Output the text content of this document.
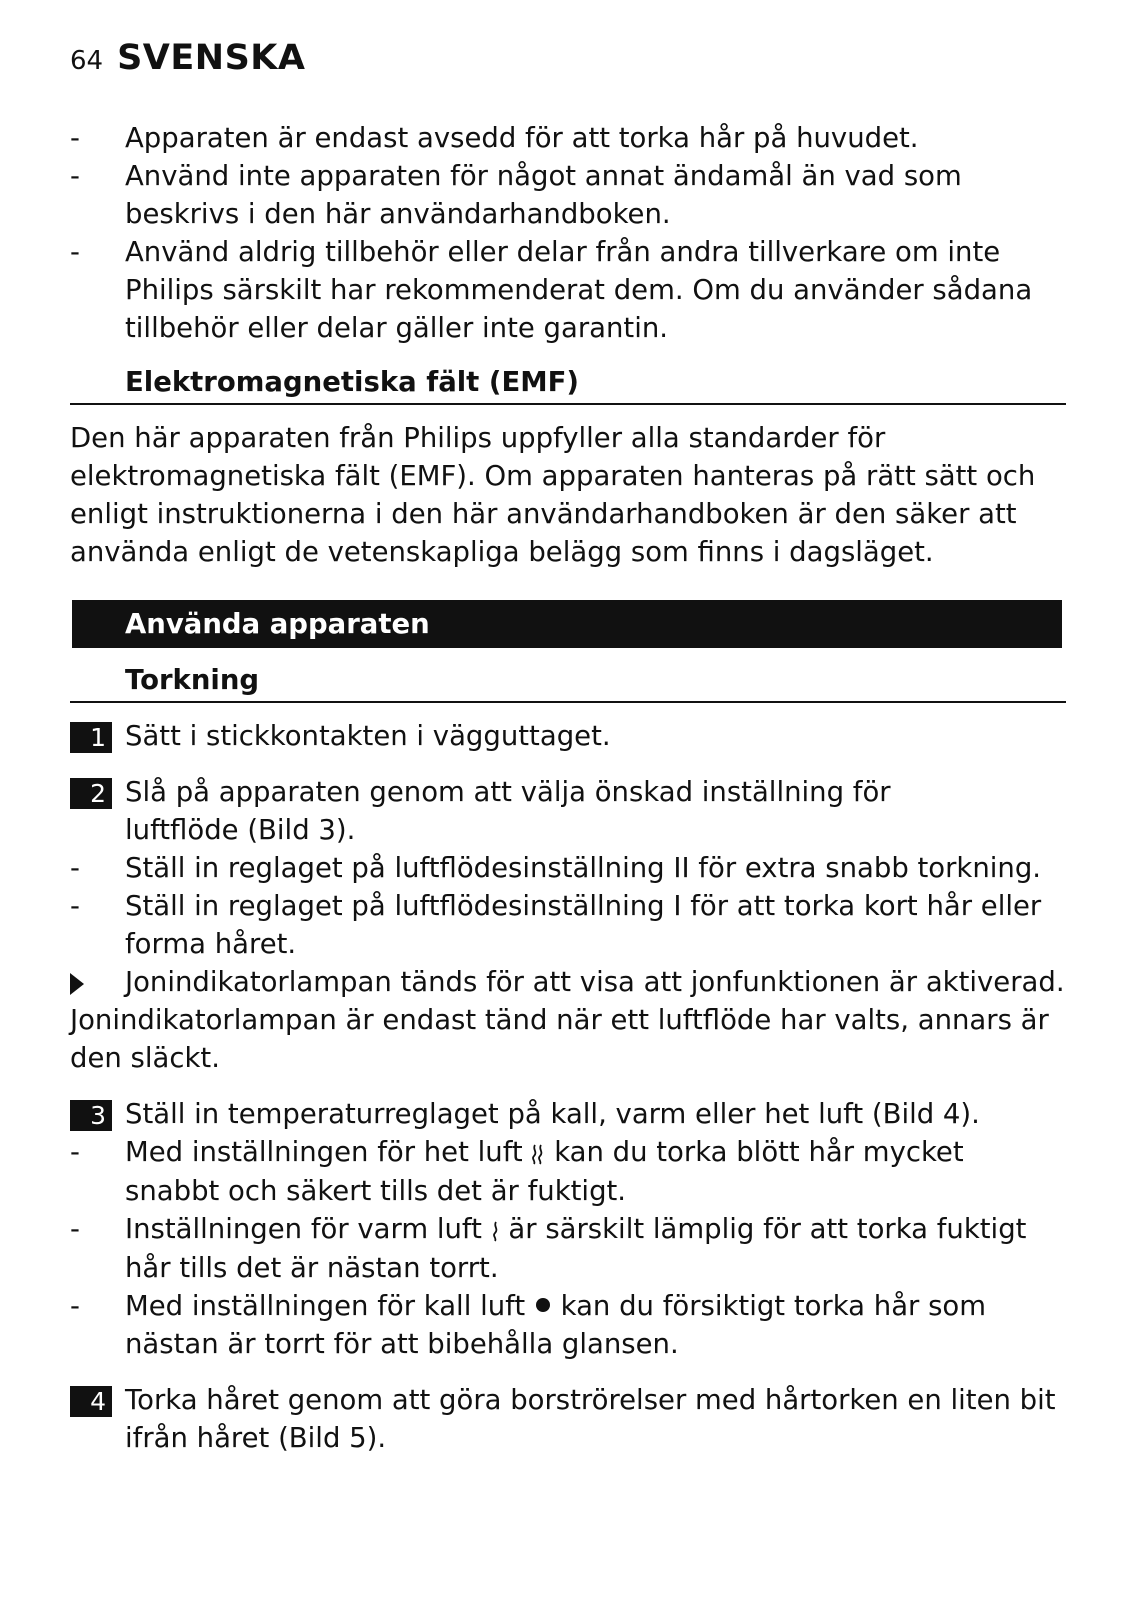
64 SVENSKA
-	Apparaten är endast avsedd för att torka hår på huvudet.
-	Använd inte apparaten för något annat ändamål än vad som beskrivs i den här användarhandboken.
-	Använd aldrig tillbehör eller delar från andra tillverkare om inte Philips särskilt har rekommenderat dem. Om du använder sådana tillbehör eller delar gäller inte garantin.
Elektromagnetiska fält (EMF)
Den här apparaten från Philips uppfyller alla standarder för elektromagnetiska fält (EMF). Om apparaten hanteras på rätt sätt och enligt instruktionerna i den här användarhandboken är den säker att använda enligt de vetenskapliga belägg som finns i dagsläget.
Använda apparaten
Torkning
1 Sätt i stickkontakten i vägguttaget.
2 Slå på apparaten genom att välja önskad inställning för luftflöde (Bild 3).
-	Ställ in reglaget på luftflödesinställning II för extra snabb torkning.
-	Ställ in reglaget på luftflödesinställning I för att torka kort hår eller forma håret.
Jonindikatorlampan tänds för att visa att jonfunktionen är aktiverad.
Jonindikatorlampan är endast tänd när ett luftflöde har valts, annars är den släckt.
3 Ställ in temperaturreglaget på kall, varm eller het luft (Bild 4).
-	Med inställningen för het luft kan du torka blött hår mycket snabbt och säkert tills det är fuktigt.
-	Inställningen för varm luft är särskilt lämplig för att torka fuktigt hår tills det är nästan torrt.
-	Med inställningen för kall luft kan du försiktigt torka hår som nästan är torrt för att bibehålla glansen.
4 Torka håret genom att göra borströrelser med hårtorken en liten bit ifrån håret (Bild 5).
